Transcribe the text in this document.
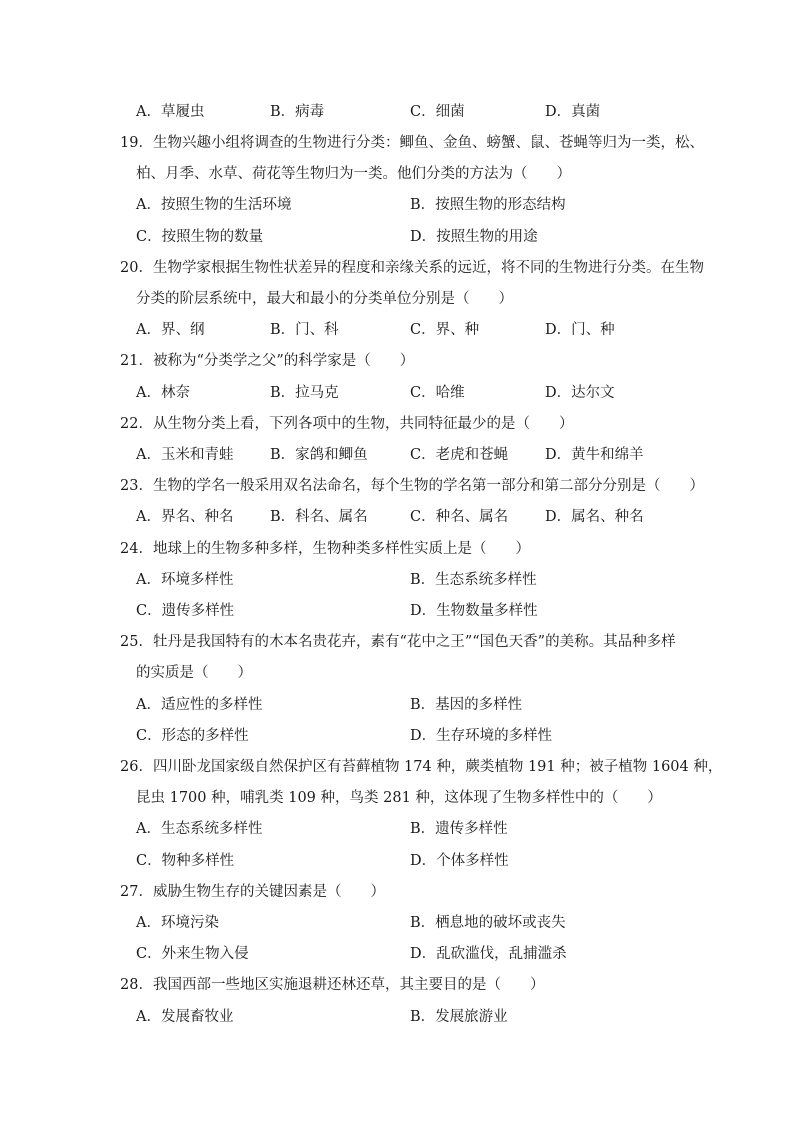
A．草履虫	B．病毒	C．细菌	D．真菌
19．生物兴趣小组将调查的生物进行分类：鲫鱼、金鱼、螃蟹、鼠、苍蝇等归为一类，松、
柏、月季、水草、荷花等生物归为一类。他们分类的方法为（　　）
A．按照生物的生活环境	B．按照生物的形态结构
C．按照生物的数量	D．按照生物的用途
20．生物学家根据生物性状差异的程度和亲缘关系的远近，将不同的生物进行分类。在生物
分类的阶层系统中，最大和最小的分类单位分别是（　　）
A．界、纲	B．门、科	C．界、种	D．门、种
21．被称为“分类学之父”的科学家是（　　）
A．林奈	B．拉马克	C．哈维	D．达尔文
22．从生物分类上看，下列各项中的生物，共同特征最少的是（　　）
A．玉米和青蛙	B．家鸽和鲫鱼	C．老虎和苍蝇	D．黄牛和绵羊
23．生物的学名一般采用双名法命名，每个生物的学名第一部分和第二部分分别是（　　）
A．界名、种名	B．科名、属名	C．种名、属名	D．属名、种名
24．地球上的生物多种多样，生物种类多样性实质上是（　　）
A．环境多样性	B．生态系统多样性
C．遗传多样性	D．生物数量多样性
25．牡丹是我国特有的木本名贵花卉，素有“花中之王”“国色天香”的美称。其品种多样
的实质是（　　）
A．适应性的多样性	B．基因的多样性
C．形态的多样性	D．生存环境的多样性
26．四川卧龙国家级自然保护区有苔藓植物 174 种，蕨类植物 191 种；被子植物 1604 种，
昆虫 1700 种，哺乳类 109 种，鸟类 281 种，这体现了生物多样性中的（　　）
A．生态系统多样性	B．遗传多样性
C．物种多样性	D．个体多样性
27．威胁生物生存的关键因素是（　　）
A．环境污染	B．栖息地的破坏或丧失
C．外来生物入侵	D．乱砍滥伐，乱捕滥杀
28．我国西部一些地区实施退耕还林还草，其主要目的是（　　）
A．发展畜牧业	B．发展旅游业
